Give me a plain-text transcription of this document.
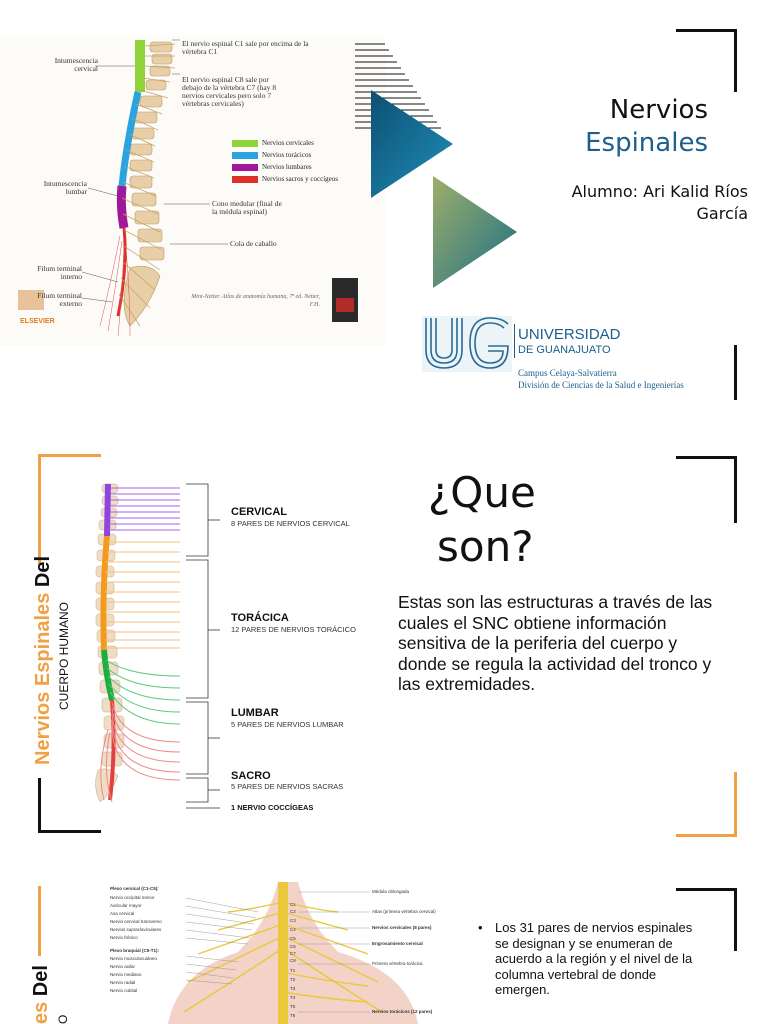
Intumescencia cervical
Intumescencia lumbar
Filum terminal interno
Filum terminal externo
El nervio espinal C1 sale por encima de la vértebra C1
El nervio espinal C8 sale por debajo de la vértebra C7 (hay 8 nervios cervicales pero solo 7 vértebras cervicales)
Cono medular (final de la médula espinal)
Cola de caballo
Mini-Netter. Atlas de anatomía humana, 7ª ed. Netter, F.H.
ELSEVIER
Nervios cervicales
Nervios torácicos
Nervios lumbares
Nervios sacros y coccígeos
Nervios
Espinales
Alumno: Ari Kalid Ríos García
UNIVERSIDAD
DE GUANAJUATO
Campus Celaya-Salvatierra
División de Ciencias de la Salud e Ingenierías
Nervios Espinales Del
CUERPO HUMANO
CERVICAL
8 PARES DE NERVIOS CERVICAL
TORÁCICA
12 PARES DE NERVIOS TORÁCICO
LUMBAR
5 PARES DE NERVIOS LUMBAR
SACRO
5 PARES DE NERVIOS SACRAS
1 NERVIO COCCÍGEAS
¿Que
son?
Estas son las estructuras a través de las cuales el SNC obtiene información sensitiva de la periferia del cuerpo y donde se regula la actividad del tronco y las extremidades.
es Del
O
Plexo cervical (C1-C5):
Nervio occipital menor
Auricular mayor
Asa cervical
Nervio cervical transverso
Nervios supraclaviculares
Nervio frénico
Plexo braquial (C5-T1):
Nervio musculocutáneo
Nervio axilar
Nervio mediano
Nervio radial
Nervio cubital
Médula oblongada
Atlas (primera vértebra cervical)
Nervios cervicales (8 pares)
Engrosamiento cervical
Primera vértebra torácica
Nervios torácicos (12 pares)
C1
C2
C3
C4
C5
C6
C7
C8
T1
T2
T3
T4
T5
T6
• Los 31 pares de nervios espinales se designan y se enumeran de acuerdo a la región y el nivel de la columna vertebral de donde emergen.
